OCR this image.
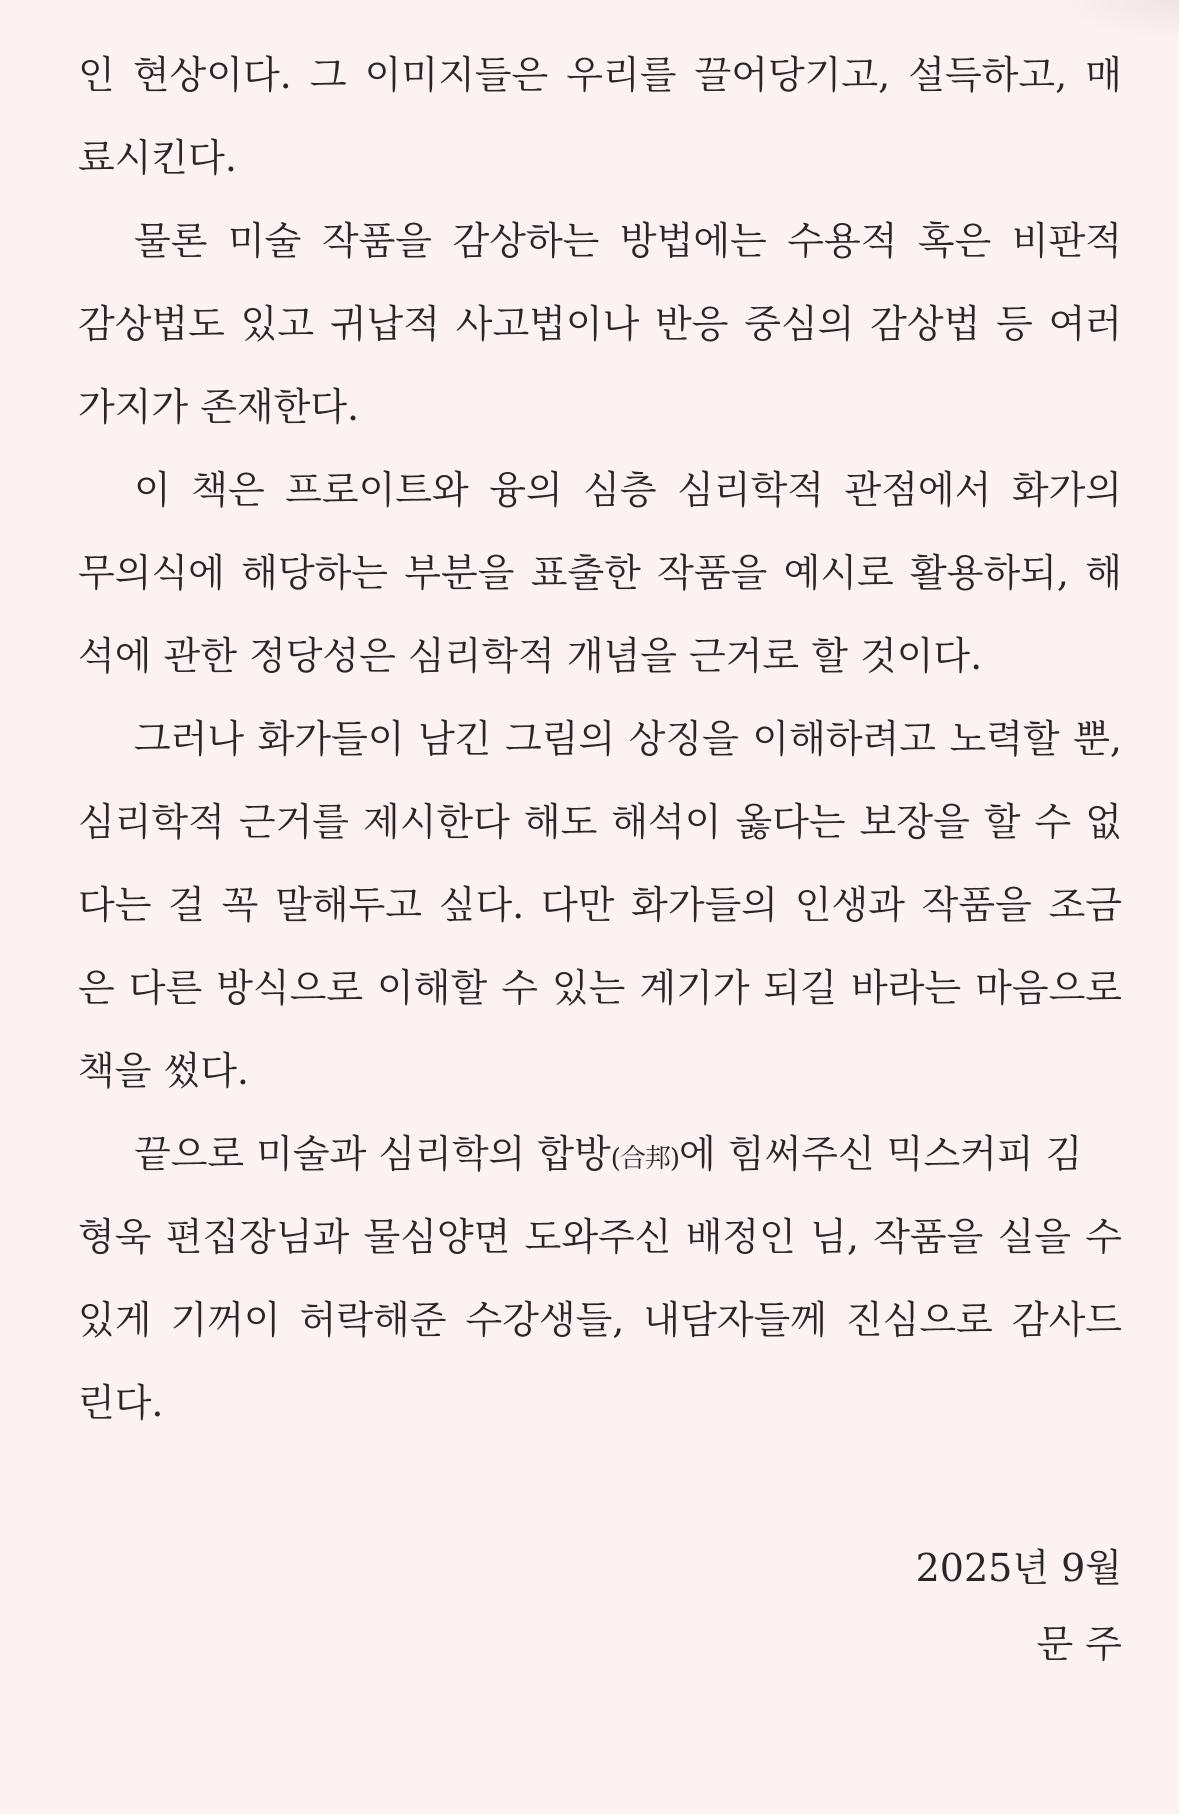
인 현상이다. 그 이미지들은 우리를 끌어당기고, 설득하고, 매
료시킨다.
물론 미술 작품을 감상하는 방법에는 수용적 혹은 비판적
감상법도 있고 귀납적 사고법이나 반응 중심의 감상법 등 여러
가지가 존재한다.
이 책은 프로이트와 융의 심층 심리학적 관점에서 화가의
무의식에 해당하는 부분을 표출한 작품을 예시로 활용하되, 해
석에 관한 정당성은 심리학적 개념을 근거로 할 것이다.
그러나 화가들이 남긴 그림의 상징을 이해하려고 노력할 뿐,
심리학적 근거를 제시한다 해도 해석이 옳다는 보장을 할 수 없
다는 걸 꼭 말해두고 싶다. 다만 화가들의 인생과 작품을 조금
은 다른 방식으로 이해할 수 있는 계기가 되길 바라는 마음으로
책을 썼다.
끝으로 미술과 심리학의 합방(合邦)에 힘써주신 믹스커피 김
형욱 편집장님과 물심양면 도와주신 배정인 님, 작품을 실을 수
있게 기꺼이 허락해준 수강생들, 내담자들께 진심으로 감사드
린다.
2025년 9월
문 주
